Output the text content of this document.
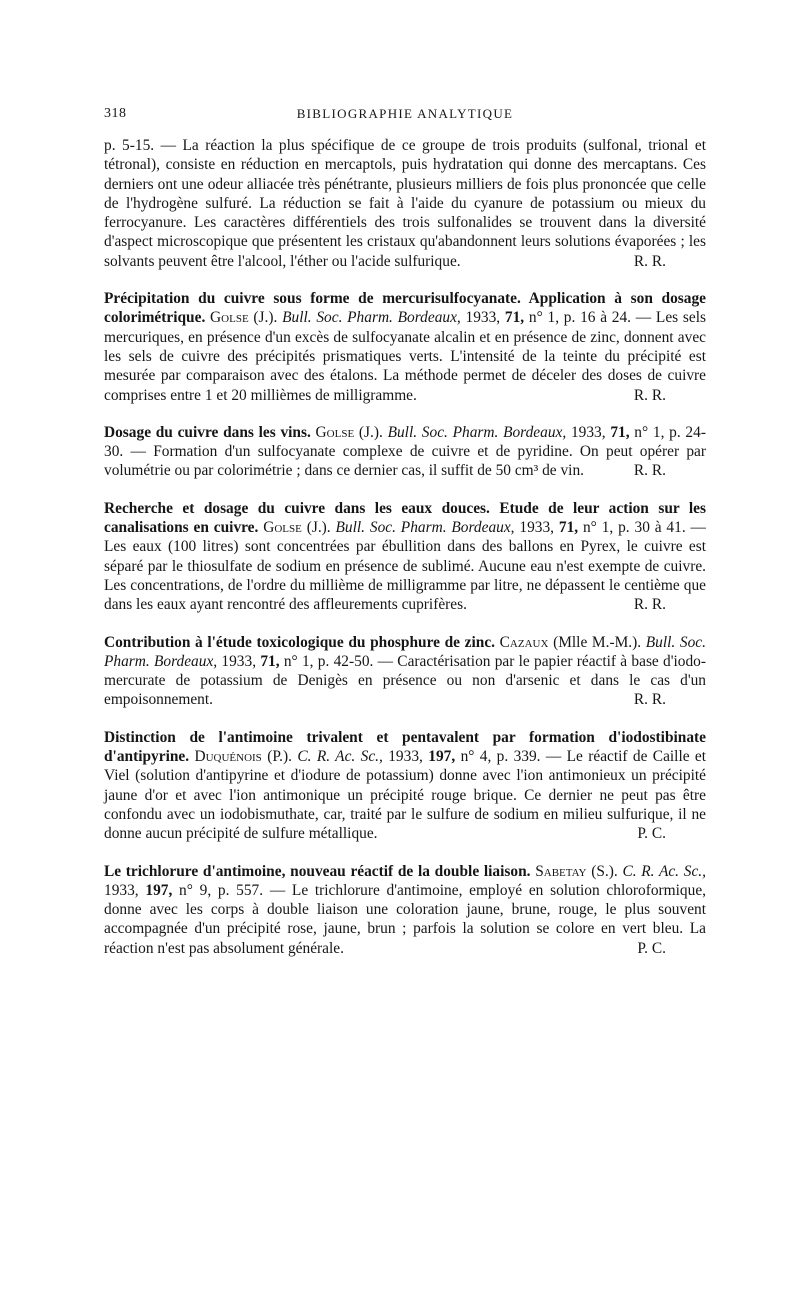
318	BIBLIOGRAPHIE ANALYTIQUE

p. 5-15. — La réaction la plus spécifique de ce groupe de trois produits (sulfonal, trional et tétronal), consiste en réduction en mercaptols, puis hydratation qui donne des mercaptans. Ces derniers ont une odeur alliacée très pénétrante, plusieurs milliers de fois plus prononcée que celle de l'hydrogène sulfuré. La réduction se fait à l'aide du cyanure de potassium ou mieux du ferrocyanure. Les caractères différentiels des trois sulfonalides se trouvent dans la diversité d'aspect microscopique que présentent les cristaux qu'abandonnent leurs solutions évaporées ; les solvants peuvent être l'alcool, l'éther ou l'acide sulfurique.	R. R.

Précipitation du cuivre sous forme de mercurisulfocyanate. Application à son dosage colorimétrique. Golse (J.). Bull. Soc. Pharm. Bordeaux, 1933, 71, n° 1, p. 16 à 24. — Les sels mercuriques, en présence d'un excès de sulfocyanate alcalin et en présence de zinc, donnent avec les sels de cuivre des précipités prismatiques verts. L'intensité de la teinte du précipité est mesurée par comparaison avec des étalons. La méthode permet de déceler des doses de cuivre comprises entre 1 et 20 millièmes de milligramme.	R. R.

Dosage du cuivre dans les vins. Golse (J.). Bull. Soc. Pharm. Bordeaux, 1933, 71, n° 1, p. 24-30. — Formation d'un sulfocyanate complexe de cuivre et de pyridine. On peut opérer par volumétrie ou par colorimétrie ; dans ce dernier cas, il suffit de 50 cm³ de vin.	R. R.

Recherche et dosage du cuivre dans les eaux douces. Etude de leur action sur les canalisations en cuivre. Golse (J.). Bull. Soc. Pharm. Bordeaux, 1933, 71, n° 1, p. 30 à 41. — Les eaux (100 litres) sont concentrées par ébullition dans des ballons en Pyrex, le cuivre est séparé par le thiosulfate de sodium en présence de sublimé. Aucune eau n'est exempte de cuivre. Les concentrations, de l'ordre du millième de milligramme par litre, ne dépassent le centième que dans les eaux ayant rencontré des affleurements cuprifères.	R. R.

Contribution à l'étude toxicologique du phosphure de zinc. Cazaux (Mlle M.-M.). Bull. Soc. Pharm. Bordeaux, 1933, 71, n° 1, p. 42-50. — Caractérisation par le papier réactif à base d'iodo-mercurate de potassium de Denigès en présence ou non d'arsenic et dans le cas d'un empoisonnement.	R. R.

Distinction de l'antimoine trivalent et pentavalent par formation d'iodostibinate d'antipyrine. Duquénois (P.). C. R. Ac. Sc., 1933, 197, n° 4, p. 339. — Le réactif de Caille et Viel (solution d'antipyrine et d'iodure de potassium) donne avec l'ion antimonieux un précipité jaune d'or et avec l'ion antimonique un précipité rouge brique. Ce dernier ne peut pas être confondu avec un iodobismuthate, car, traité par le sulfure de sodium en milieu sulfurique, il ne donne aucun précipité de sulfure métallique.	P. C.

Le trichlorure d'antimoine, nouveau réactif de la double liaison. Sabetay (S.). C. R. Ac. Sc., 1933, 197, n° 9, p. 557. — Le trichlorure d'antimoine, employé en solution chloroformique, donne avec les corps à double liaison une coloration jaune, brune, rouge, le plus souvent accompagnée d'un précipité rose, jaune, brun ; parfois la solution se colore en vert bleu. La réaction n'est pas absolument générale.	P. C.
